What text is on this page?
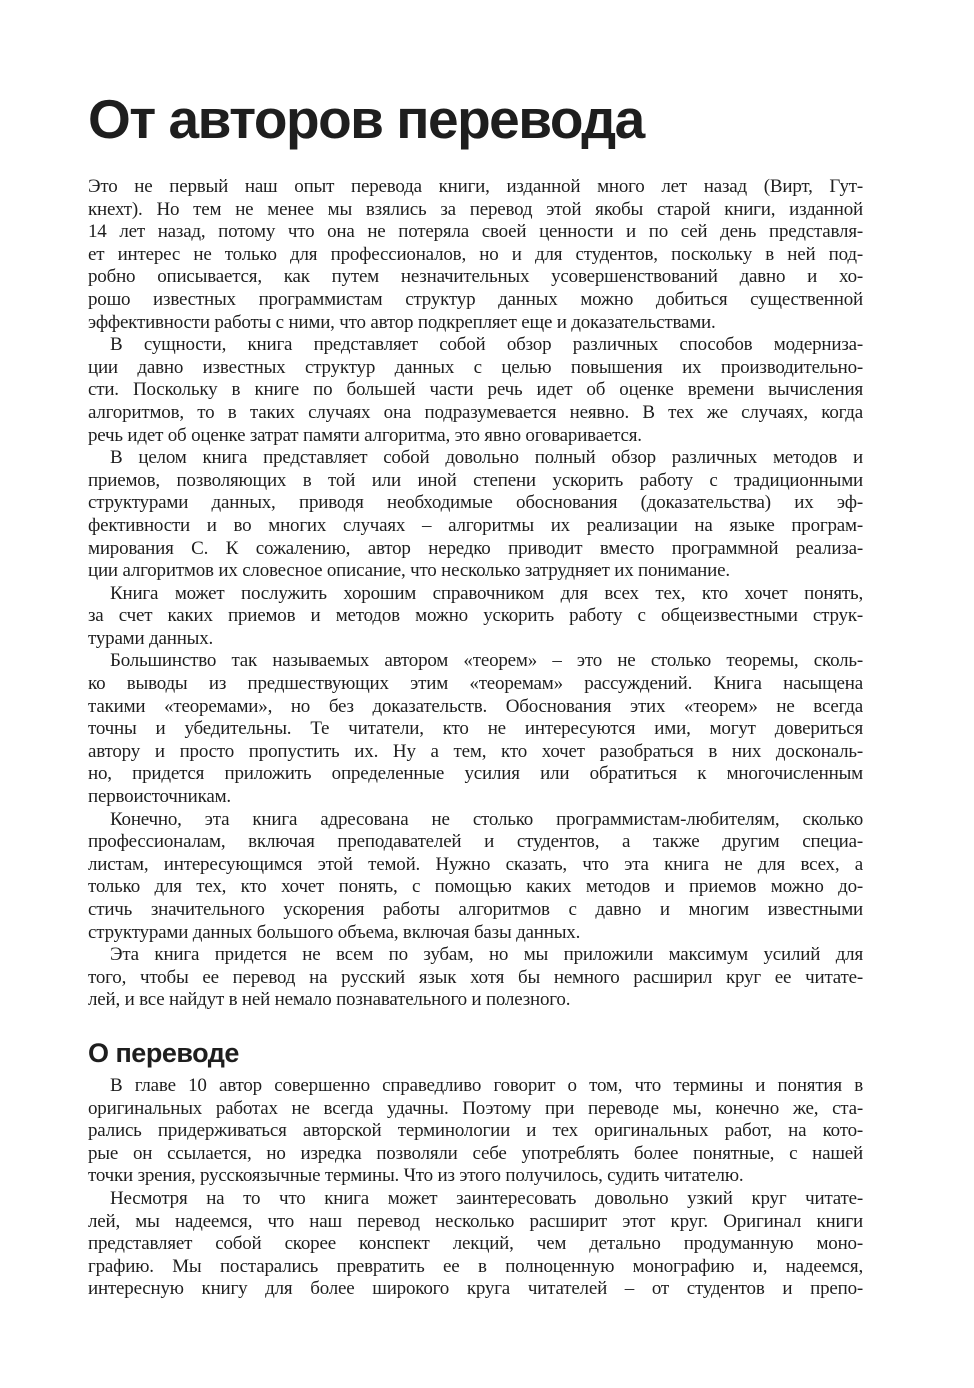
От авторов перевода

Это не первый наш опыт перевода книги, изданной много лет назад (Вирт, Гут-
кнехт). Но тем не менее мы взялись за перевод этой якобы старой книги, изданной
14 лет назад, потому что она не потеряла своей ценности и по сей день представля-
ет интерес не только для профессионалов, но и для студентов, поскольку в ней под-
робно описывается, как путем незначительных усовершенствований давно и хо-
рошо известных программистам структур данных можно добиться существенной
эффективности работы с ними, что автор подкрепляет еще и доказательствами.

В сущности, книга представляет собой обзор различных способов модерниза-
ции давно известных структур данных с целью повышения их производительно-
сти. Поскольку в книге по большей части речь идет об оценке времени вычисления
алгоритмов, то в таких случаях она подразумевается неявно. В тех же случаях, когда
речь идет об оценке затрат памяти алгоритма, это явно оговаривается.

В целом книга представляет собой довольно полный обзор различных методов и
приемов, позволяющих в той или иной степени ускорить работу с традиционными
структурами данных, приводя необходимые обоснования (доказательства) их эф-
фективности и во многих случаях – алгоритмы их реализации на языке програм-
мирования C. К сожалению, автор нередко приводит вместо программной реализа-
ции алгоритмов их словесное описание, что несколько затрудняет их понимание.

Книга может послужить хорошим справочником для всех тех, кто хочет понять,
за счет каких приемов и методов можно ускорить работу с общеизвестными струк-
турами данных.

Большинство так называемых автором «теорем» – это не столько теоремы, сколь-
ко выводы из предшествующих этим «теоремам» рассуждений. Книга насыщена
такими «теоремами», но без доказательств. Обоснования этих «теорем» не всегда
точны и убедительны. Те читатели, кто не интересуются ими, могут довериться
автору и просто пропустить их. Ну а тем, кто хочет разобраться в них доскональ-
но, придется приложить определенные усилия или обратиться к многочисленным
первоисточникам.

Конечно, эта книга адресована не столько программистам-любителям, сколько
профессионалам, включая преподавателей и студентов, а также другим специа-
листам, интересующимся этой темой. Нужно сказать, что эта книга не для всех, а
только для тех, кто хочет понять, с помощью каких методов и приемов можно до-
стичь значительного ускорения работы алгоритмов с давно и многим известными
структурами данных большого объема, включая базы данных.

Эта книга придется не всем по зубам, но мы приложили максимум усилий для
того, чтобы ее перевод на русский язык хотя бы немного расширил круг ее читате-
лей, и все найдут в ней немало познавательного и полезного.

О переводе

В главе 10 автор совершенно справедливо говорит о том, что термины и понятия в
оригинальных работах не всегда удачны. Поэтому при переводе мы, конечно же, ста-
рались придерживаться авторской терминологии и тех оригинальных работ, на кото-
рые он ссылается, но изредка позволяли себе употреблять более понятные, с нашей
точки зрения, русскоязычные термины. Что из этого получилось, судить читателю.

Несмотря на то что книга может заинтересовать довольно узкий круг читате-
лей, мы надеемся, что наш перевод несколько расширит этот круг. Оригинал книги
представляет собой скорее конспект лекций, чем детально продуманную моно-
графию. Мы постарались превратить ее в полноценную монографию и, надеемся,
интересную книгу для более широкого круга читателей – от студентов и препо-
